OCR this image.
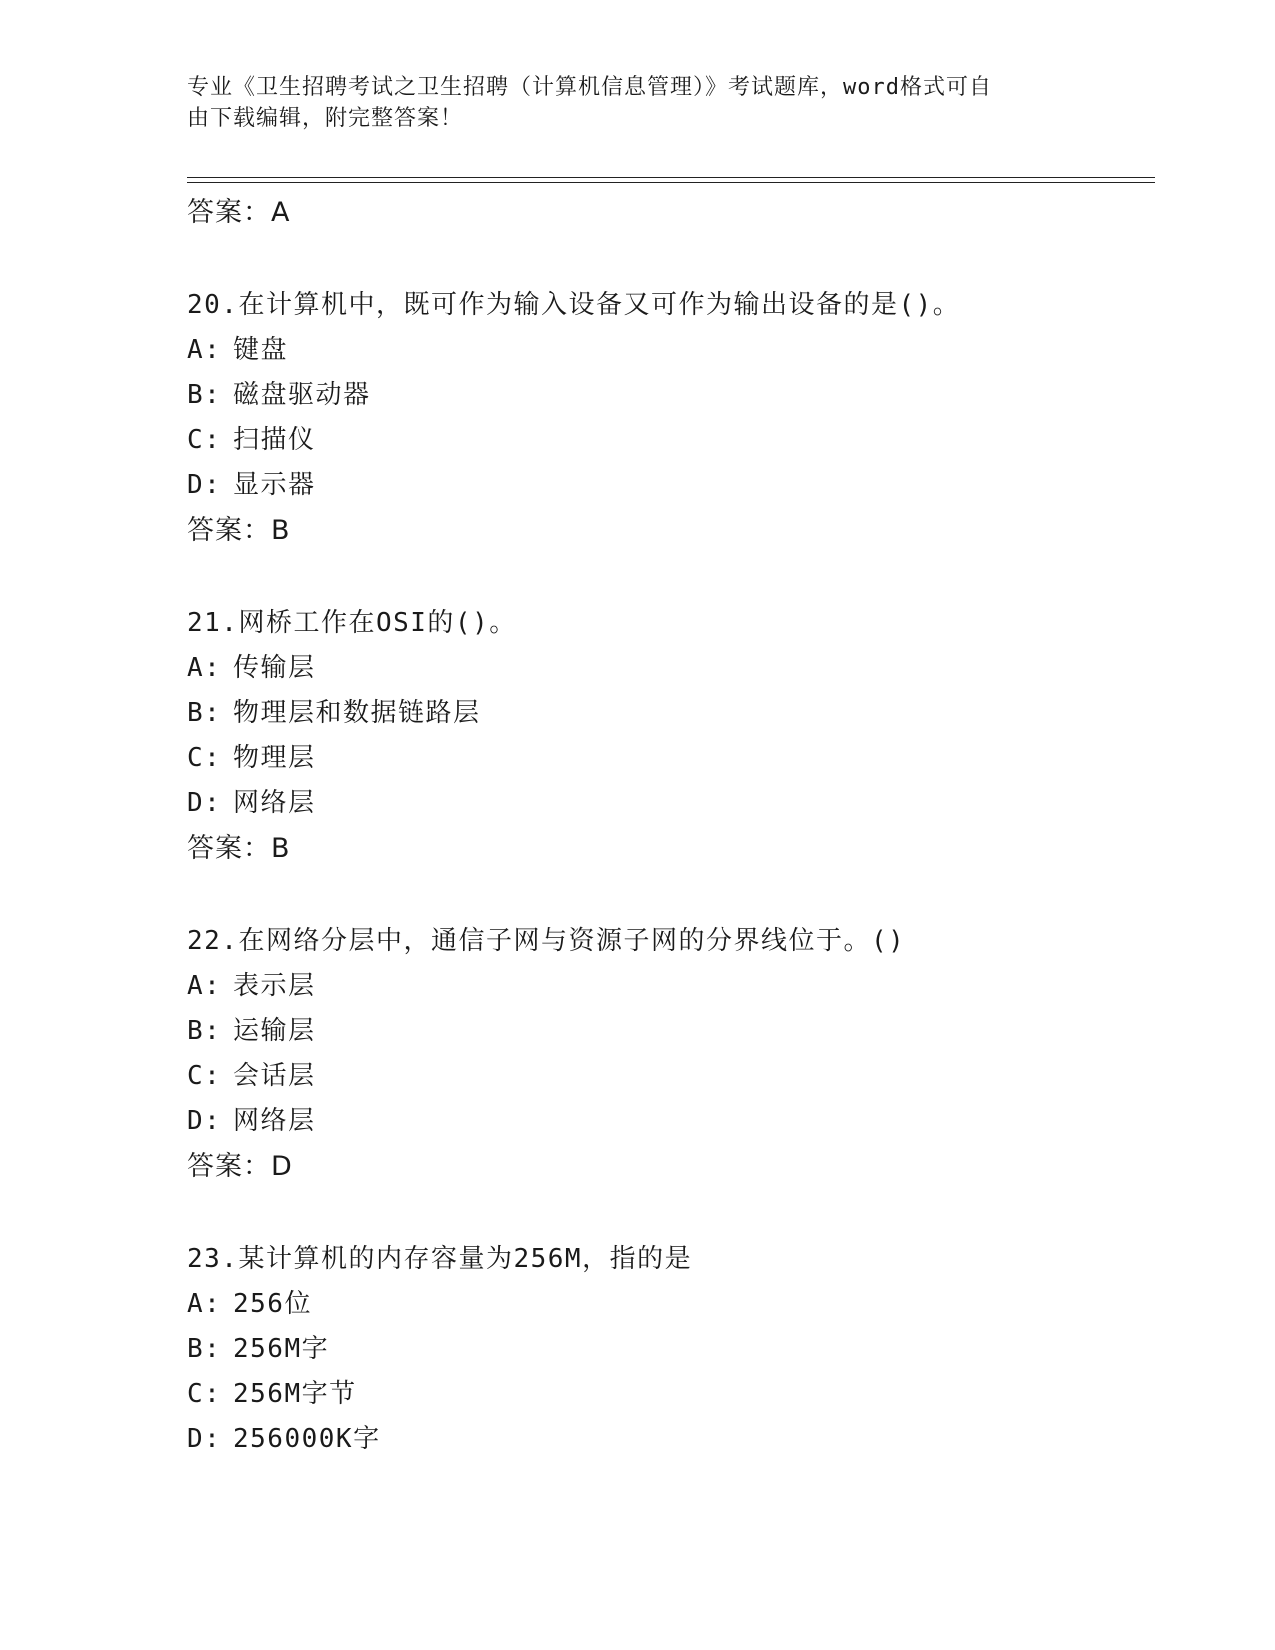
专业《卫生招聘考试之卫生招聘（计算机信息管理）》考试题库，word格式可自
由下载编辑，附完整答案！
答案：A
20.在计算机中，既可作为输入设备又可作为输出设备的是()。
A: 键盘
B: 磁盘驱动器
C: 扫描仪
D: 显示器
答案：B
21.网桥工作在OSI的()。
A: 传输层
B: 物理层和数据链路层
C: 物理层
D: 网络层
答案：B
22.在网络分层中，通信子网与资源子网的分界线位于。()
A: 表示层
B: 运输层
C: 会话层
D: 网络层
答案：D
23.某计算机的内存容量为256M，指的是
A: 256位
B: 256M字
C: 256M字节
D: 256000K字
